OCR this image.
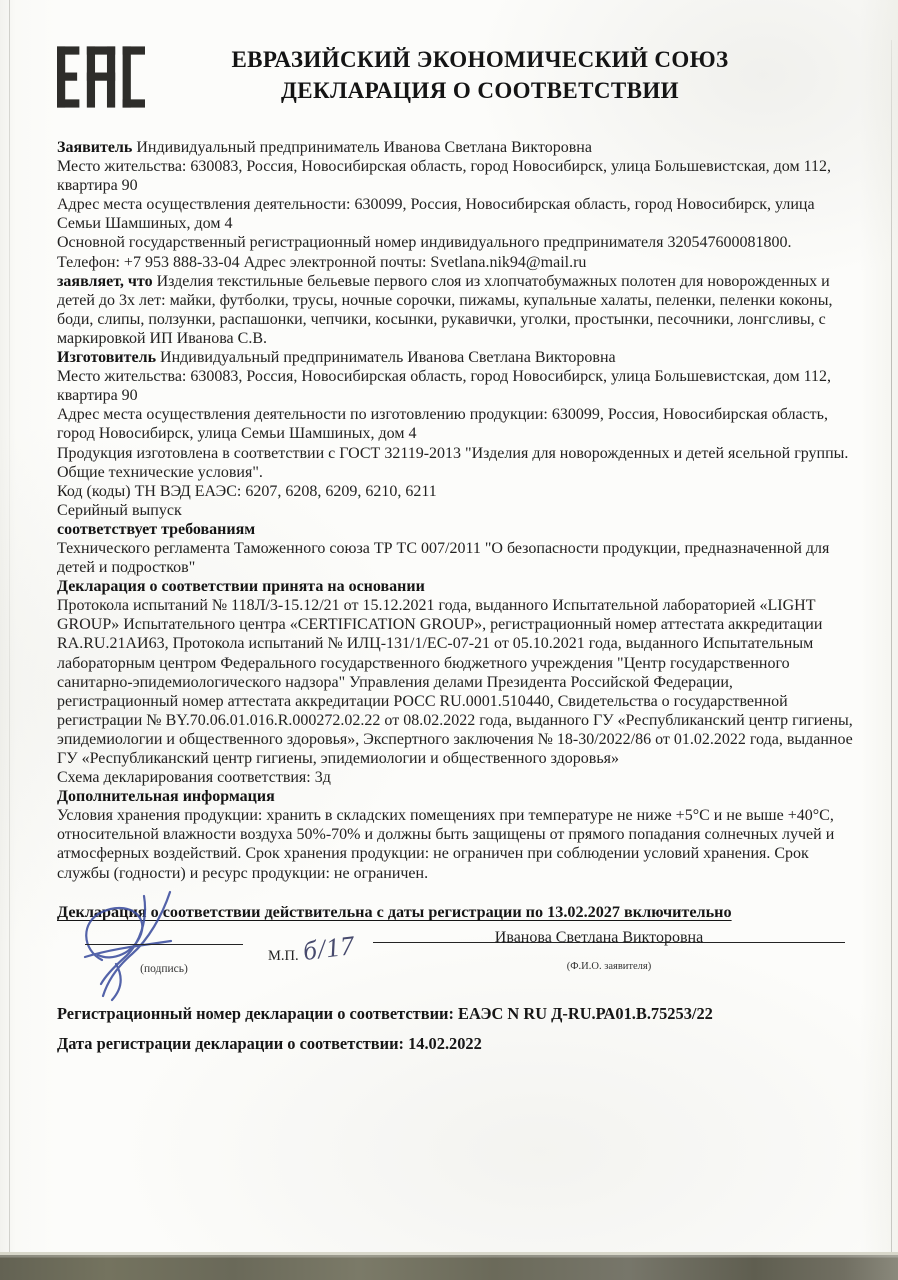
ЕВРАЗИЙСКИЙ ЭКОНОМИЧЕСКИЙ СОЮЗ
ДЕКЛАРАЦИЯ О СООТВЕТСТВИИ

Заявитель Индивидуальный предприниматель Иванова Светлана Викторовна

Место жительства: 630083, Россия, Новосибирская область, город Новосибирск, улица Большевистская, дом 112, квартира 90

Адрес места осуществления деятельности: 630099, Россия, Новосибирская область, город Новосибирск, улица Семьи Шамшиных, дом 4

Основной государственный регистрационный номер индивидуального предпринимателя 320547600081800.

Телефон: +7 953 888-33-04 Адрес электронной почты: Svetlana.nik94@mail.ru

заявляет, что Изделия текстильные бельевые первого слоя из хлопчатобумажных полотен для новорожденных и детей до 3х лет: майки, футболки, трусы, ночные сорочки, пижамы, купальные халаты, пеленки, пеленки коконы, боди, слипы, ползунки, распашонки, чепчики, косынки, рукавички, уголки, простынки, песочники, лонгсливы, с маркировкой ИП Иванова С.В.

Изготовитель Индивидуальный предприниматель Иванова Светлана Викторовна

Место жительства: 630083, Россия, Новосибирская область, город Новосибирск, улица Большевистская, дом 112, квартира 90

Адрес места осуществления деятельности по изготовлению продукции: 630099, Россия, Новосибирская область, город Новосибирск, улица Семьи Шамшиных, дом 4

Продукция изготовлена в соответствии с ГОСТ 32119-2013 "Изделия для новорожденных и детей ясельной группы. Общие технические условия".

Код (коды) ТН ВЭД ЕАЭС: 6207, 6208, 6209, 6210, 6211

Серийный выпуск

соответствует требованиям

Технического регламента Таможенного союза ТР ТС 007/2011 "О безопасности продукции, предназначенной для детей и подростков"

Декларация о соответствии принята на основании

Протокола испытаний № 118Л/3-15.12/21 от 15.12.2021 года, выданного Испытательной лабораторией «LIGHT GROUP» Испытательного центра «CERTIFICATION GROUP», регистрационный номер аттестата аккредитации RA.RU.21АИ63, Протокола испытаний № ИЛЦ-131/1/ЕС-07-21 от 05.10.2021 года, выданного Испытательным лабораторным центром Федерального государственного бюджетного учреждения "Центр государственного санитарно-эпидемиологического надзора" Управления делами Президента Российской Федерации, регистрационный номер аттестата аккредитации РОСС RU.0001.510440, Свидетельства о государственной регистрации № BY.70.06.01.016.R.000272.02.22 от 08.02.2022 года, выданного ГУ «Республиканский центр гигиены, эпидемиологии и общественного здоровья», Экспертного заключения № 18-30/2022/86 от 01.02.2022 года, выданное ГУ «Республиканский центр гигиены, эпидемиологии и общественного здоровья»

Схема декларирования соответствия: 3д

Дополнительная информация

Условия хранения продукции: хранить в складских помещениях при температуре не ниже +5°С и не выше +40°С, относительной влажности воздуха 50%-70% и должны быть защищены от прямого попадания солнечных лучей и атмосферных воздействий. Срок хранения продукции: не ограничен при соблюдении условий хранения. Срок службы (годности) и ресурс продукции: не ограничен.

Декларация о соответствии действительна с даты регистрации по 13.02.2027 включительно
(подпись)
М.П. б/17	Иванова Светлана Викторовна
(Ф.И.О. заявителя)
Регистрационный номер декларации о соответствии: ЕАЭС N RU Д-RU.РА01.В.75253/22
Дата регистрации декларации о соответствии: 14.02.2022
